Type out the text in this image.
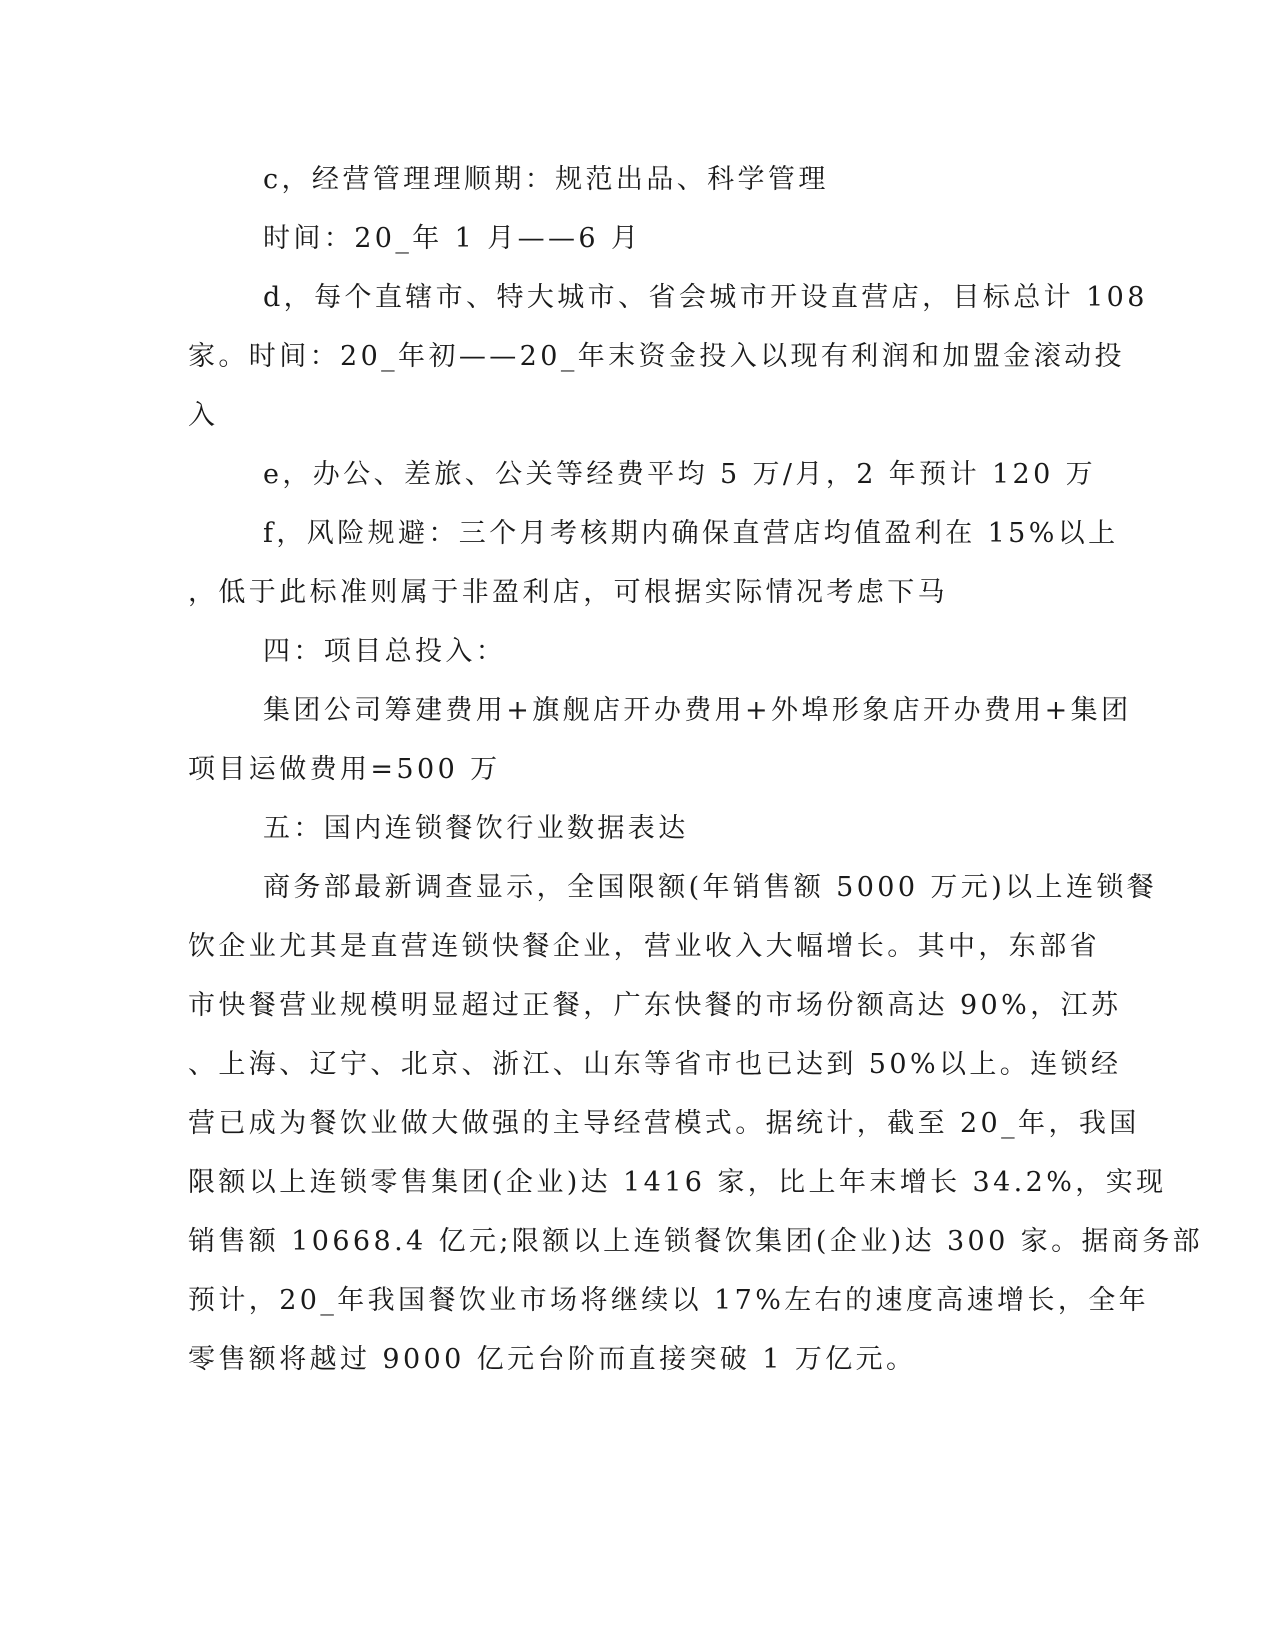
c，经营管理理顺期：规范出品、科学管理
时间：20_年 1 月——6 月
d，每个直辖市、特大城市、省会城市开设直营店，目标总计 108
家。时间：20_年初——20_年末资金投入以现有利润和加盟金滚动投
入
e，办公、差旅、公关等经费平均 5 万/月，2 年预计 120 万
f，风险规避：三个月考核期内确保直营店均值盈利在 15%以上
，低于此标准则属于非盈利店，可根据实际情况考虑下马
四：项目总投入：
集团公司筹建费用+旗舰店开办费用+外埠形象店开办费用+集团
项目运做费用=500 万
五：国内连锁餐饮行业数据表达
商务部最新调查显示，全国限额(年销售额 5000 万元)以上连锁餐
饮企业尤其是直营连锁快餐企业，营业收入大幅增长。其中，东部省
市快餐营业规模明显超过正餐，广东快餐的市场份额高达 90%，江苏
、上海、辽宁、北京、浙江、山东等省市也已达到 50%以上。连锁经
营已成为餐饮业做大做强的主导经营模式。据统计，截至 20_年，我国
限额以上连锁零售集团(企业)达 1416 家，比上年末增长 34.2%，实现
销售额 10668.4 亿元;限额以上连锁餐饮集团(企业)达 300 家。据商务部
预计，20_年我国餐饮业市场将继续以 17%左右的速度高速增长，全年
零售额将越过 9000 亿元台阶而直接突破 1 万亿元。
